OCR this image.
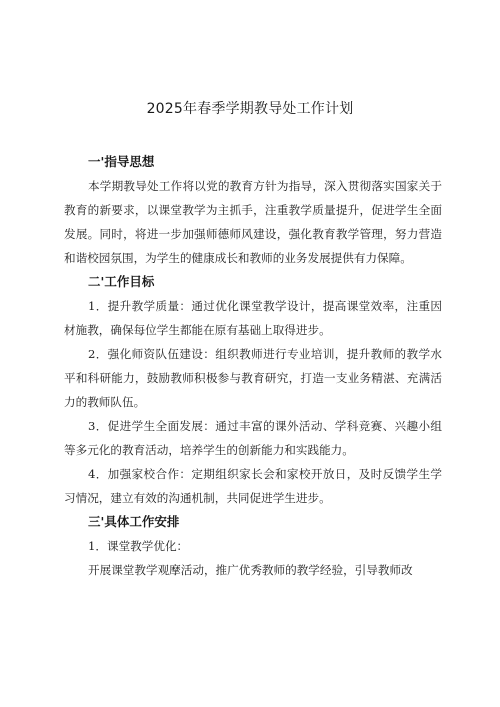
2025年春季学期教导处工作计划
一'指导思想

本学期教导处工作将以党的教育方针为指导，深入贯彻落实国家关于教育的新要求，以课堂教学为主抓手，注重教学质量提升，促进学生全面发展。同时，将进一步加强师德师风建设，强化教育教学管理，努力营造和谐校园氛围，为学生的健康成长和教师的业务发展提供有力保障。

二'工作目标

1．提升教学质量：通过优化课堂教学设计，提高课堂效率，注重因材施教，确保每位学生都能在原有基础上取得进步。

2．强化师资队伍建设：组织教师进行专业培训，提升教师的教学水平和科研能力，鼓励教师积极参与教育研究，打造一支业务精湛、充满活力的教师队伍。

3．促进学生全面发展：通过丰富的课外活动、学科竞赛、兴趣小组等多元化的教育活动，培养学生的创新能力和实践能力。

4．加强家校合作：定期组织家长会和家校开放日，及时反馈学生学习情况，建立有效的沟通机制，共同促进学生进步。

三'具体工作安排

1．课堂教学优化：

开展课堂教学观摩活动，推广优秀教师的教学经验，引导教师改
